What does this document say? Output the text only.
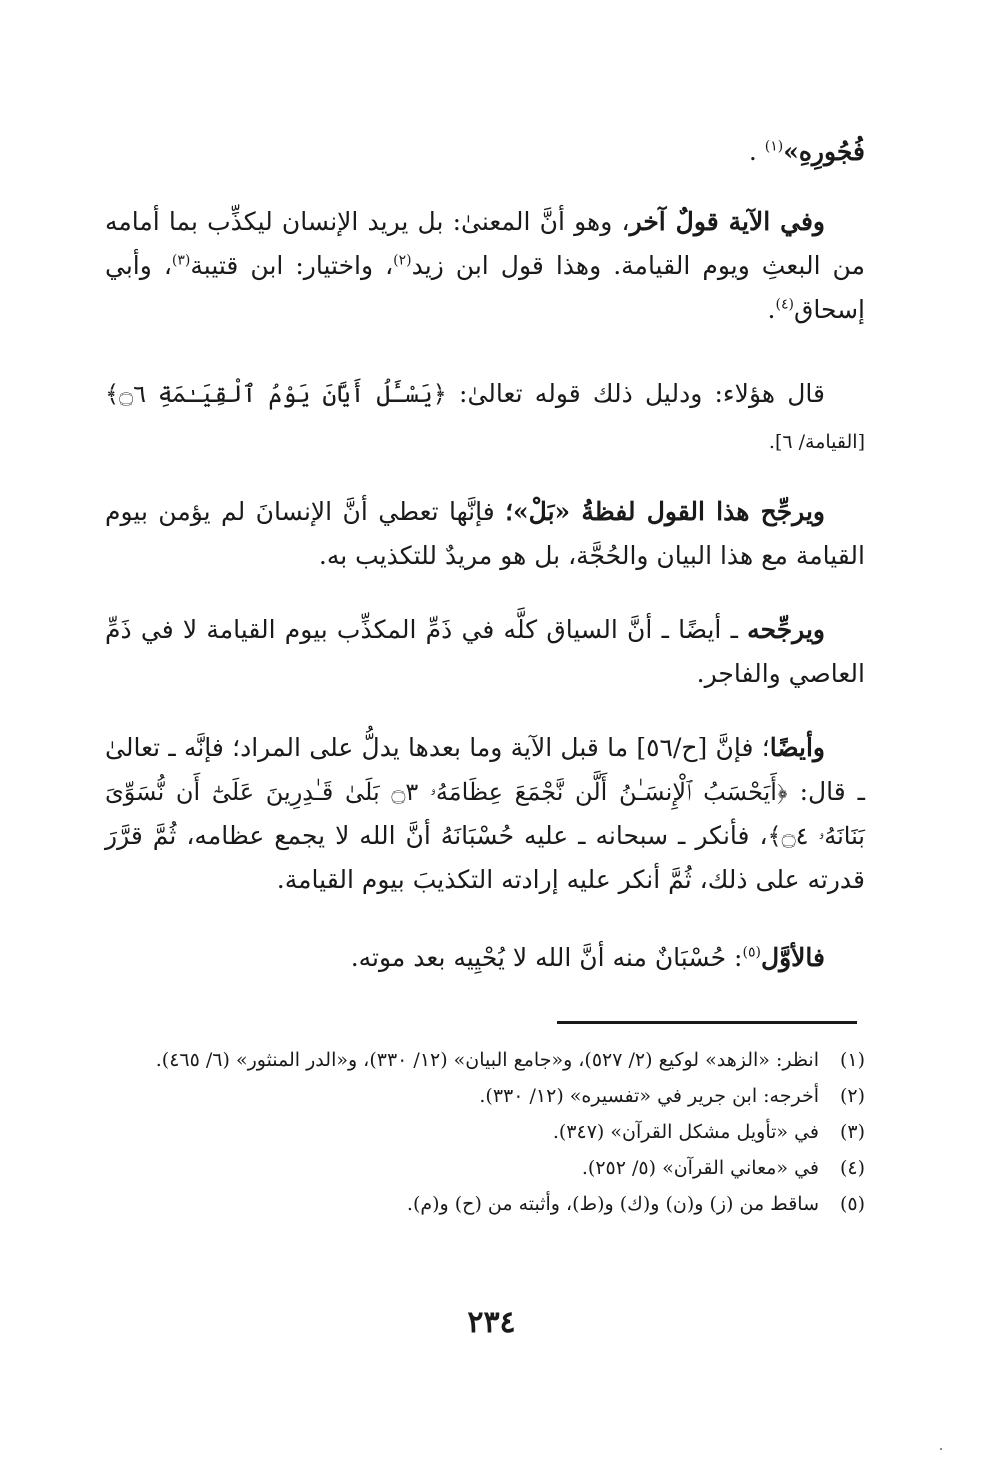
فُجُورِهِ»$^{(١)}$ .

وفي الآية قولٌ آخر، وهو أنَّ المعنىٰ: بل يريد الإنسان ليكذِّب بما أمامه من البعثِ ويوم القيامة. وهذا قول ابن زيد$^{(٢)}$، واختيار: ابن قتيبة$^{(٣)}$، وأبي إسحاق$^{(٤)}$.

قال هؤلاء: ودليل ذلك قوله تعالىٰ: ﴿يَسْـَٔلُ أَيَّانَ يَوْمُ ٱلْقِيَـٰمَةِ ۝٦﴾ [القيامة/ ٦].

ويرجِّح هذا القول لفظةُ «بَلْ»؛ فإنَّها تعطي أنَّ الإنسانَ لم يؤمن بيوم القيامة مع هذا البيان والحُجَّة، بل هو مريدٌ للتكذيب به.

ويرجِّحه ـ أيضًا ـ أنَّ السياق كلَّه في ذَمِّ المكذِّب بيوم القيامة لا في ذَمِّ العاصي والفاجر.

وأيضًا؛ فإنَّ [ح/٥٦] ما قبل الآية وما بعدها يدلُّ على المراد؛ فإنَّه ـ تعالىٰ ـ قال: ﴿أَيَحْسَبُ ٱلْإِنسَـٰنُ أَلَّن نَّجْمَعَ عِظَامَهُۥ ۝٣ بَلَىٰ قَـٰدِرِينَ عَلَىٰٓ أَن نُّسَوِّىَ بَنَانَهُۥ ۝٤﴾، فأنكر ـ سبحانه ـ عليه حُسْبَانَهُ أنَّ الله لا يجمع عظامه، ثُمَّ قرَّرَ قدرته على ذلك، ثُمَّ أنكر عليه إرادته التكذيبَ بيوم القيامة.

فالأوَّل$^{(٥)}$: حُسْبَانٌ منه أنَّ الله لا يُحْيِيه بعد موته.

(١)
انظر: «الزهد» لوكيع (٢/ ٥٢٧)، و«جامع البيان» (١٢/ ٣٣٠)، و«الدر المنثور» (٦/ ٤٦٥).
(٢)
أخرجه: ابن جرير في «تفسيره» (١٢/ ٣٣٠).
(٣)
في «تأويل مشكل القرآن» (٣٤٧).
(٤)
في «معاني القرآن» (٥/ ٢٥٢).
(٥)
ساقط من (ز) و(ن) و(ك) و(ط)، وأثبته من (ح) و(م).
٢٣٤
